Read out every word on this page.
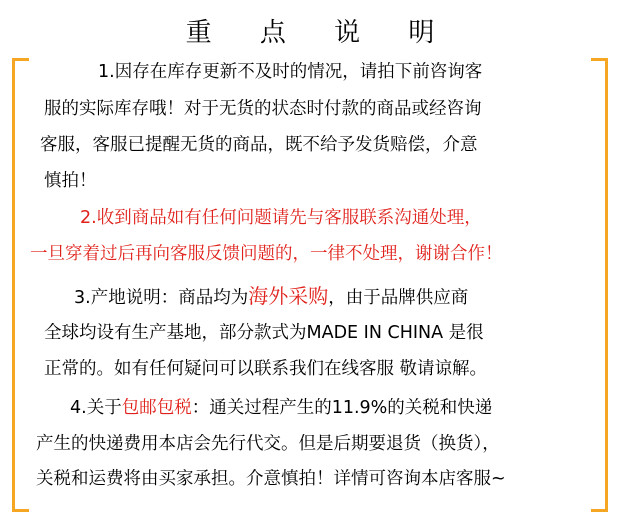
重 点 说 明
1.因存在库存更新不及时的情况，请拍下前咨询客
服的实际库存哦！对于无货的状态时付款的商品或经咨询
客服，客服已提醒无货的商品，既不给予发货赔偿，介意
慎拍！
2.收到商品如有任何问题请先与客服联系沟通处理，
一旦穿着过后再向客服反馈问题的，一律不处理，谢谢合作！
3.产地说明：商品均为海外采购，由于品牌供应商
全球均设有生产基地，部分款式为MADE IN CHINA 是很
正常的。如有任何疑问可以联系我们在线客服 敬请谅解。
4.关于包邮包税：通关过程产生的11.9%的关税和快递
产生的快递费用本店会先行代交。但是后期要退货（换货），
关税和运费将由买家承担。介意慎拍！详情可咨询本店客服~
